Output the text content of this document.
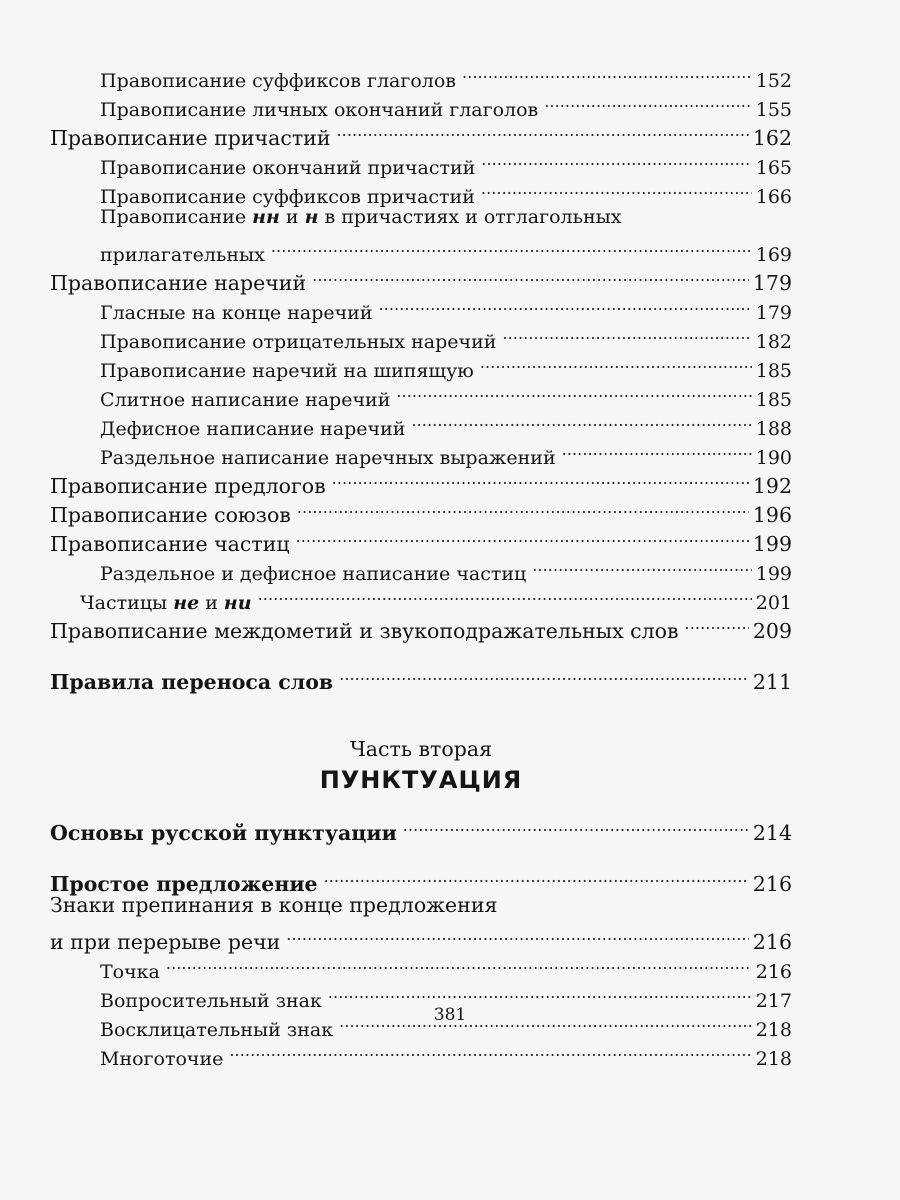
Правописание суффиксов глаголов . . .	152
Правописание личных окончаний глаголов . . .	155
Правописание причастий . . .	162
Правописание окончаний причастий . . .	165
Правописание суффиксов причастий . . .	166
Правописание нн и н в причастиях и отглагольных
прилагательных . . .	169
Правописание наречий . . .	179
Гласные на конце наречий . . .	179
Правописание отрицательных наречий . . .	182
Правописание наречий на шипящую . . .	185
Слитное написание наречий . . .	185
Дефисное написание наречий . . .	188
Раздельное написание наречных выражений . . .	190
Правописание предлогов . . .	192
Правописание союзов . . .	196
Правописание частиц . . .	199
Раздельное и дефисное написание частиц . . .	199
Частицы не и ни . . .	201
Правописание междометий и звукоподражательных слов . . .	209
Правила переноса слов . . .	211
Часть вторая
ПУНКТУАЦИЯ
Основы русской пунктуации . . .	214
Простое предложение . . .	216
Знаки препинания в конце предложения
и при перерыве речи . . .	216
Точка . . .	216
Вопросительный знак . . .	217
Восклицательный знак . . .	218
Многоточие . . .	218
381
